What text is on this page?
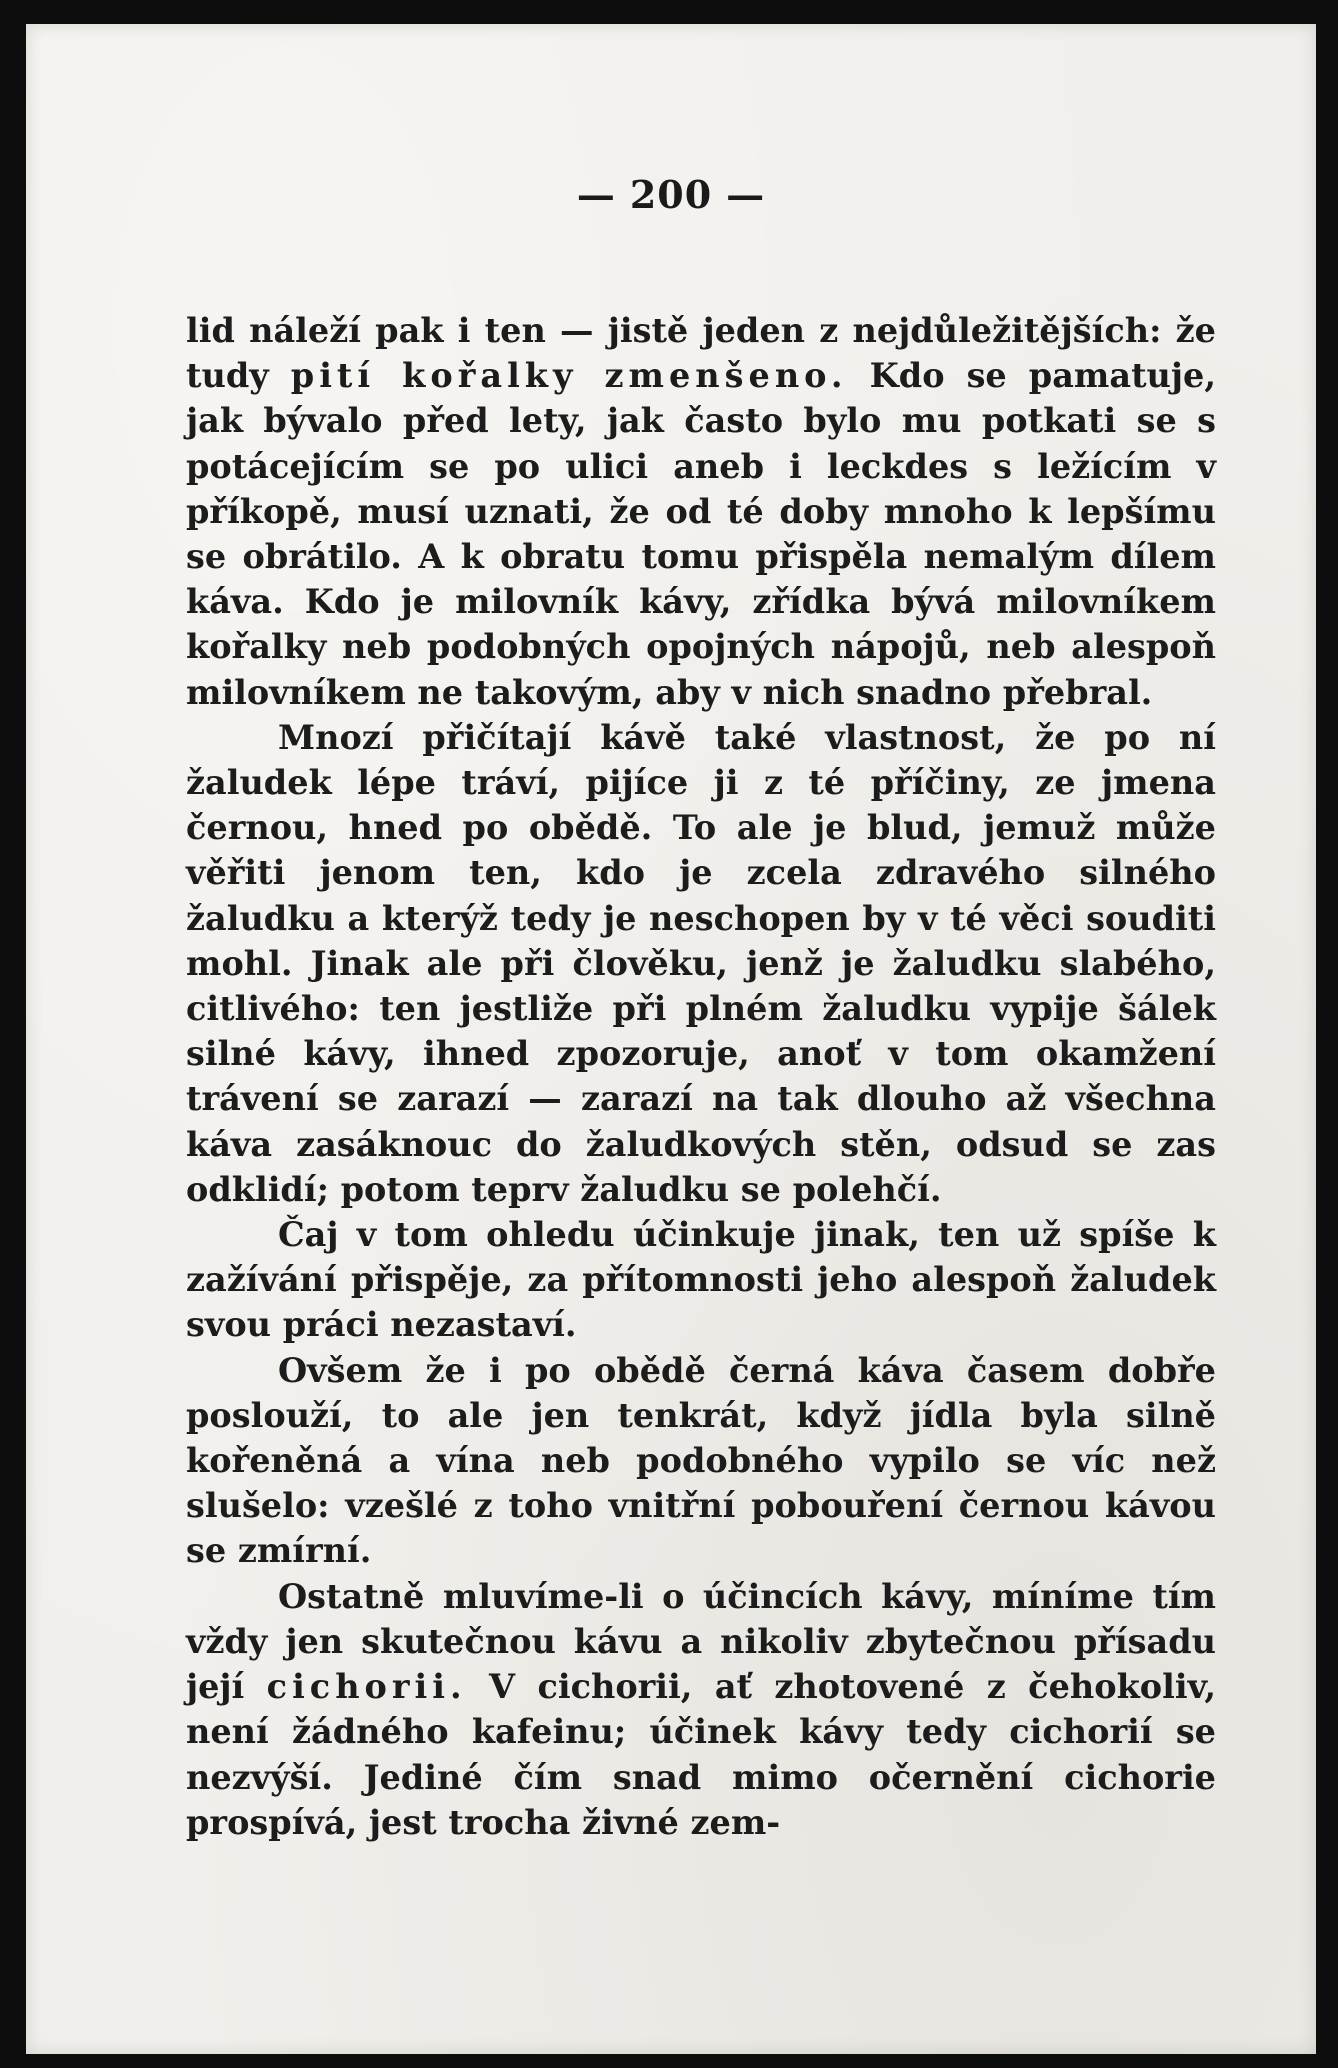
— 200 —

lid náleží pak i ten — jistě jeden z nejdůležitějších: že tudy pití kořalky zmenšeno. Kdo se pamatuje, jak bývalo před lety, jak často bylo mu potkati se s potácejícím se po ulici aneb i leckdes s ležícím v příkopě, musí uznati, že od té doby mnoho k lepšímu se obrátilo. A k obratu tomu přispěla nemalým dílem káva. Kdo je milovník kávy, zřídka bývá milovníkem kořalky neb podobných opojných nápojů, neb alespoň milovníkem ne takovým, aby v nich snadno přebral.

Mnozí přičítají kávě také vlastnost, že po ní žaludek lépe tráví, pijíce ji z té příčiny, ze jmena černou, hned po obědě. To ale je blud, jemuž může věřiti jenom ten, kdo je zcela zdravého silného žaludku a kterýž tedy je neschopen by v té věci souditi mohl. Jinak ale při člověku, jenž je žaludku slabého, citlivého: ten jestliže při plném žaludku vypije šálek silné kávy, ihned zpozoruje, anoť v tom okamžení trávení se zarazí — zarazí na tak dlouho až všechna káva zasáknouc do žaludkových stěn, odsud se zas odklidí; potom teprv žaludku se polehčí.

Čaj v tom ohledu účinkuje jinak, ten už spíše k zažívání přispěje, za přítomnosti jeho alespoň žaludek svou práci nezastaví.

Ovšem že i po obědě černá káva časem dobře poslouží, to ale jen tenkrát, když jídla byla silně kořeněná a vína neb podobného vypilo se víc než slušelo: vzešlé z toho vnitřní pobouření černou kávou se zmírní.

Ostatně mluvíme-li o účincích kávy, míníme tím vždy jen skutečnou kávu a nikoliv zbytečnou přísadu její cichorii. V cichorii, ať zhotovené z čehokoliv, není žádného kafeinu; účinek kávy tedy cichorií se nezvýší. Jediné čím snad mimo očernění cichorie prospívá, jest trocha živné zem-
